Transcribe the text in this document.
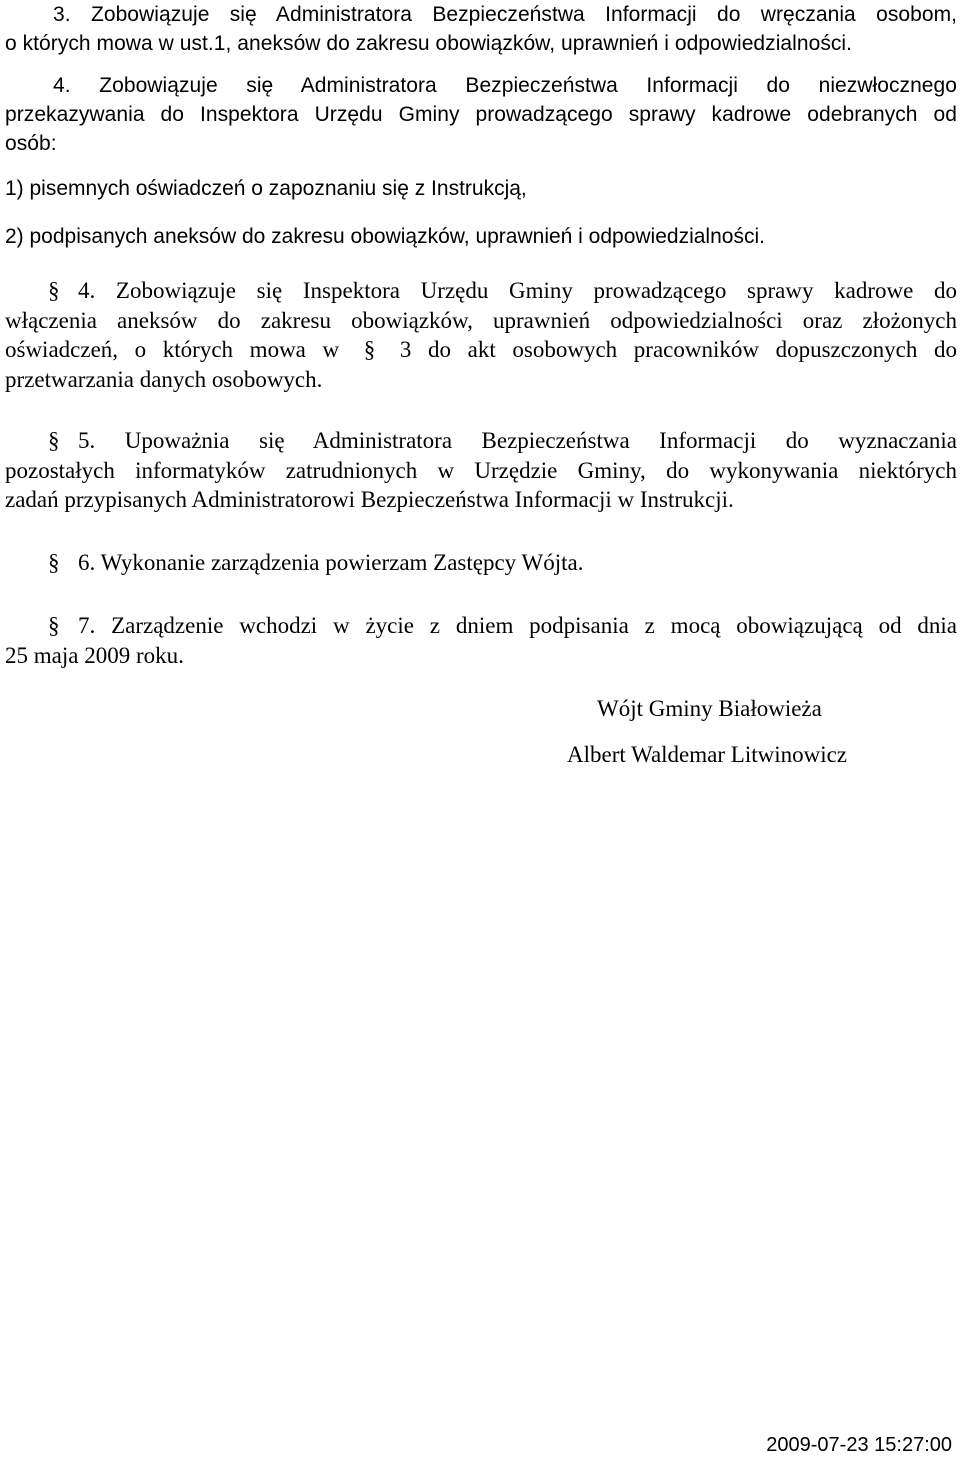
3. Zobowiązuje się Administratora Bezpieczeństwa Informacji do wręczania osobom,
o których mowa w ust.1, aneksów do zakresu obowiązków, uprawnień i odpowiedzialności.
4. Zobowiązuje się Administratora Bezpieczeństwa Informacji do niezwłocznego
przekazywania do Inspektora Urzędu Gminy prowadzącego sprawy kadrowe odebranych od
osób:

1) pisemnych oświadczeń o zapoznaniu się z Instrukcją,

2) podpisanych aneksów do zakresu obowiązków, uprawnień i odpowiedzialności.

§ 4. Zobowiązuje się Inspektora Urzędu Gminy prowadzącego sprawy kadrowe do
włączenia aneksów do zakresu obowiązków, uprawnień odpowiedzialności oraz złożonych
oświadczeń, o których mowa w § 3 do akt osobowych pracowników dopuszczonych do
przetwarzania danych osobowych.
§ 5. Upoważnia się Administratora Bezpieczeństwa Informacji do wyznaczania
pozostałych informatyków zatrudnionych w Urzędzie Gminy, do wykonywania niektórych
zadań przypisanych Administratorowi Bezpieczeństwa Informacji w Instrukcji.
§ 6. Wykonanie zarządzenia powierzam Zastępcy Wójta.
§ 7. Zarządzenie wchodzi w życie z dniem podpisania z mocą obowiązującą od dnia
25 maja 2009 roku.

Wójt Gminy Białowieża

Albert Waldemar Litwinowicz

2009-07-23 15:27:00
